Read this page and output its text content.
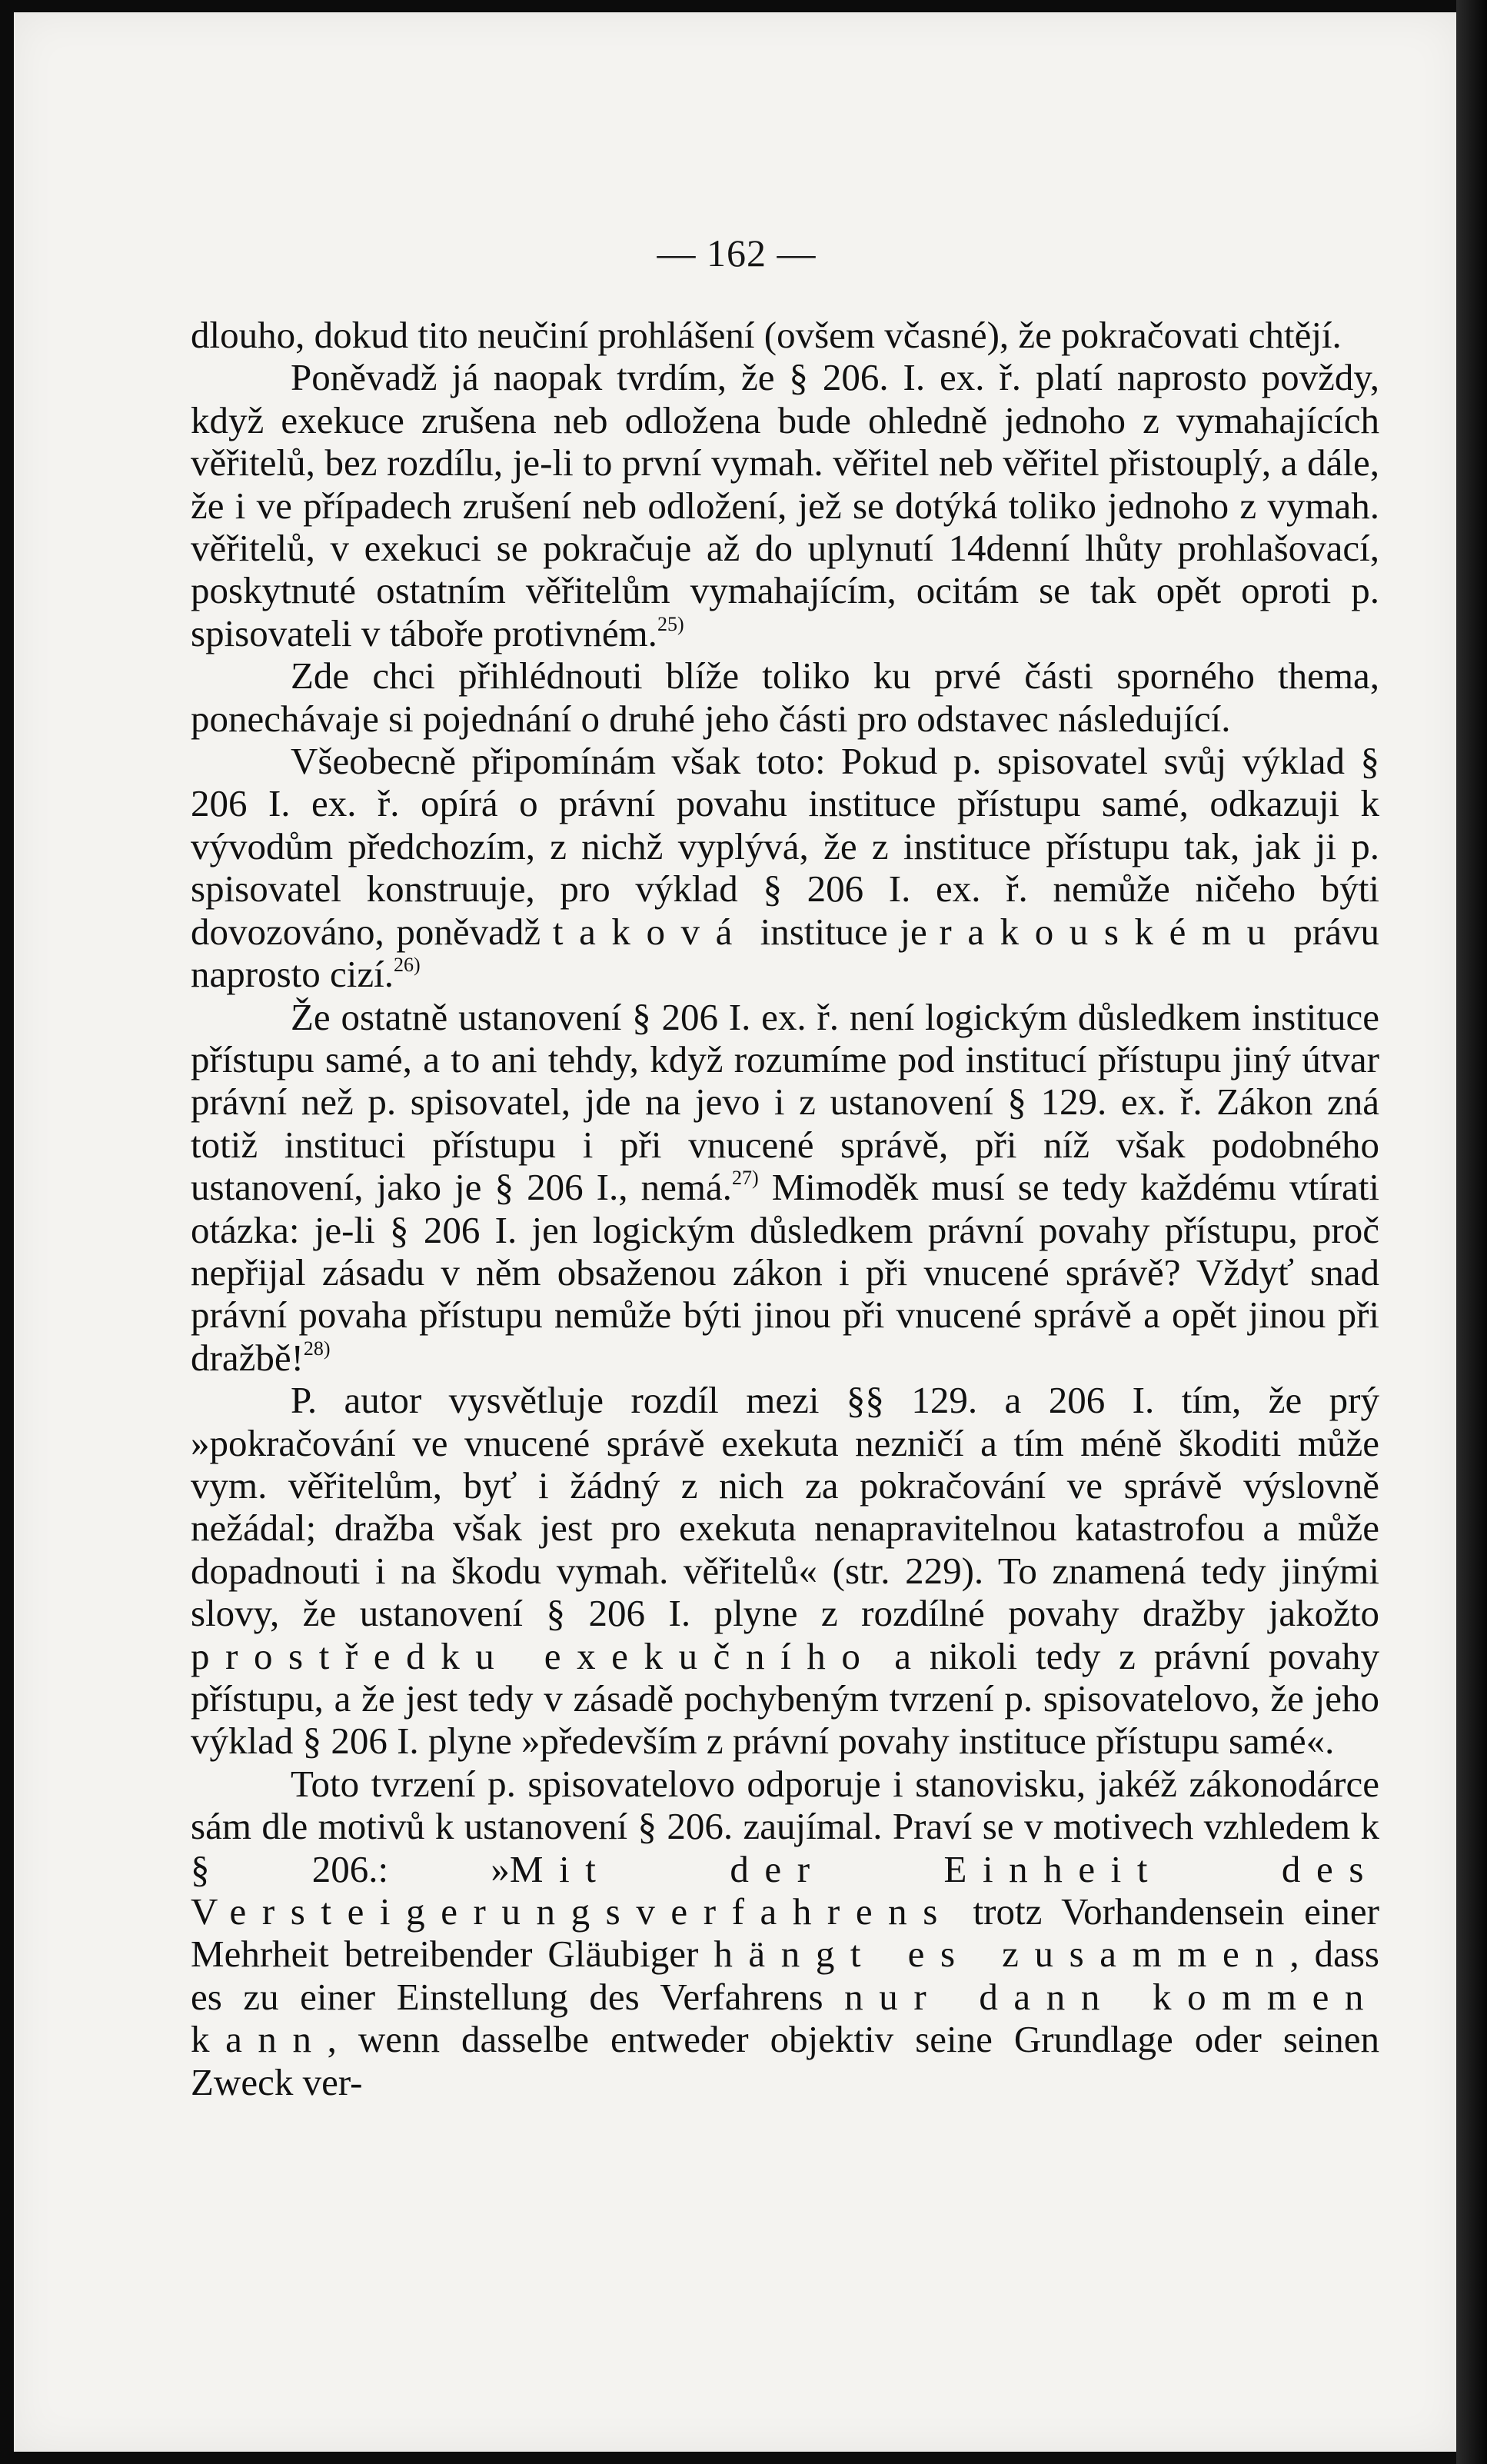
— 162 —

dlouho, dokud tito neučiní prohlášení (ovšem včasné), že pokračovati chtějí.

Poněvadž já naopak tvrdím, že § 206. I. ex. ř. platí naprosto povždy, když exekuce zrušena neb odložena bude ohledně jednoho z vymahajících věřitelů, bez rozdílu, je-li to první vymah. věřitel neb věřitel přistouplý, a dále, že i ve případech zrušení neb odložení, jež se dotýká toliko jednoho z vymah. věřitelů, v exekuci se pokračuje až do uplynutí 14denní lhůty prohlašovací, poskytnuté ostatním věřitelům vymahajícím, ocitám se tak opět oproti p. spisovateli v táboře protivném.$^{25)}$

Zde chci přihlédnouti blíže toliko ku prvé části sporného thema, ponechávaje si pojednání o druhé jeho části pro odstavec následující.

Všeobecně připomínám však toto: Pokud p. spisovatel svůj výklad § 206 I. ex. ř. opírá o právní povahu instituce přístupu samé, odkazuji k vývodům předchozím, z nichž vyplývá, že z instituce přístupu tak, jak ji p. spisovatel konstruuje, pro výklad § 206 I. ex. ř. nemůže ničeho býti dovozováno, poněvadž taková instituce je rakouskému právu naprosto cizí.$^{26)}$

Že ostatně ustanovení § 206 I. ex. ř. není logickým důsledkem instituce přístupu samé, a to ani tehdy, když rozumíme pod institucí přístupu jiný útvar právní než p. spisovatel, jde na jevo i z ustanovení § 129. ex. ř. Zákon zná totiž instituci přístupu i při vnucené správě, při níž však podobného ustanovení, jako je § 206 I., nemá.$^{27)}$ Mimoděk musí se tedy každému vtírati otázka: je-li § 206 I. jen logickým důsledkem právní povahy přístupu, proč nepřijal zásadu v něm obsaženou zákon i při vnucené správě? Vždyť snad právní povaha přístupu nemůže býti jinou při vnucené správě a opět jinou při dražbě!$^{28)}$

P. autor vysvětluje rozdíl mezi §§ 129. a 206 I. tím, že prý »pokračování ve vnucené správě exekuta nezničí a tím méně škoditi může vym. věřitelům, byť i žádný z nich za pokračování ve správě výslovně nežádal; dražba však jest pro exekuta nenapravitelnou katastrofou a může dopadnouti i na škodu vymah. věřitelů« (str. 229). To znamená tedy jinými slovy, že ustanovení § 206 I. plyne z rozdílné povahy dražby jakožto prostředku exekučního a nikoli tedy z právní povahy přístupu, a že jest tedy v zásadě pochybeným tvrzení p. spisovatelovo, že jeho výklad § 206 I. plyne »především z právní povahy instituce přístupu samé«.

Toto tvrzení p. spisovatelovo odporuje i stanovisku, jakéž zákonodárce sám dle motivů k ustanovení § 206. zaujímal. Praví se v motivech vzhledem k § 206.: »Mit der Einheit des Versteigerungsverfahrens trotz Vorhandensein einer Mehrheit betreibender Gläubiger hängt es zusammen, dass es zu einer Einstellung des Verfahrens nur dann kommen kann, wenn dasselbe entweder objektiv seine Grundlage oder seinen Zweck ver-
